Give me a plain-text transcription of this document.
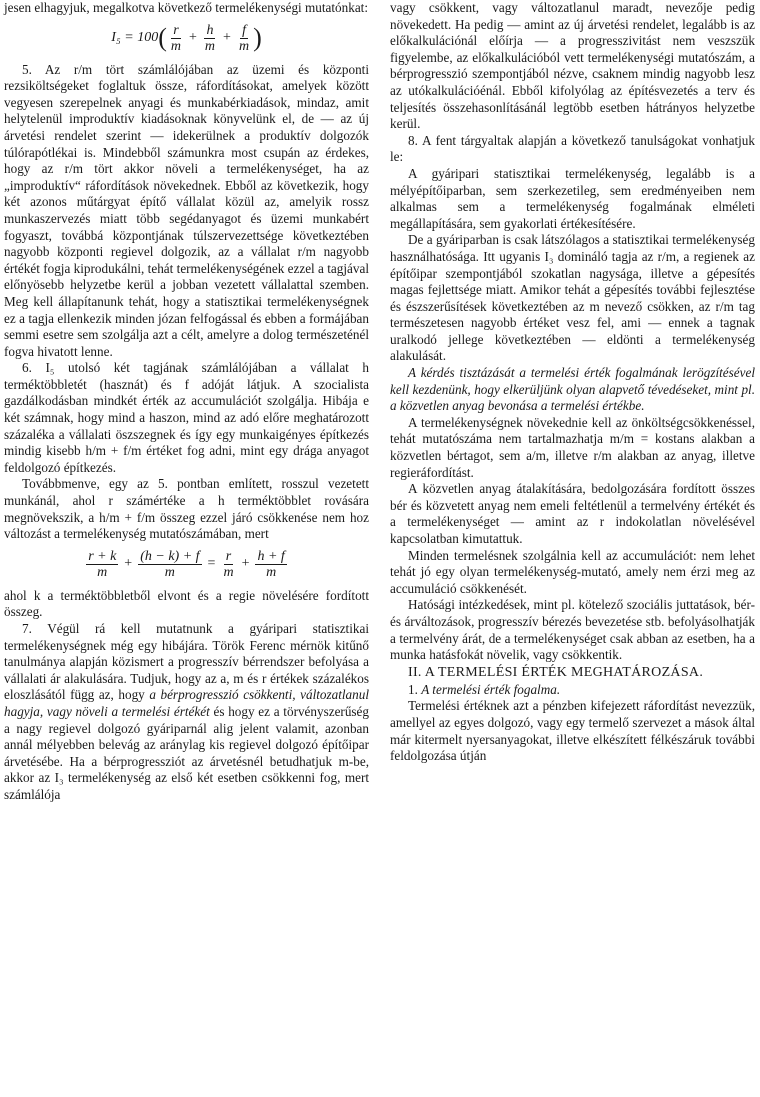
jesen elhagyjuk, megalkotva következő termelékenységi mutatónkat:

I₅ = 100 ( $\frac{r}{m} + \frac{h}{m} + \frac{f}{m}$ )

5. Az r/m tört számlálójában az üzemi és központi rezsiköltségeket foglaltuk össze, ráfordításokat, amelyek között vegyesen szerepelnek anyagi és munkabérkiadások, mindaz, amit helytelenül improduktív kiadásoknak könyvelünk el, de — az új árvetési rendelet szerint — idekerülnek a produktív dolgozók túlórapótlékai is. Mindebből számunkra most csupán az érdekes, hogy az r/m tört akkor növeli a termelékenységet, ha az „improduktív“ ráfordítások növekednek. Ebből az következik, hogy két azonos műtárgyat építő vállalat közül az, amelyik rossz munkaszervezés miatt több segédanyagot és üzemi munkabért fogyaszt, továbbá központjának túlszervezettsége következtében nagyobb központi regievel dolgozik, az a vállalat r/m nagyobb értékét fogja kiprodukálni, tehát termelékenységének ezzel a tagjával előnyösebb helyzetbe kerül a jobban vezetett vállalattal szemben. Meg kell állapítanunk tehát, hogy a statisztikai termelékenységnek ez a tagja ellenkezik minden józan felfogással és ebben a formájában semmi esetre sem szolgálja azt a célt, amelyre a dolog természeténél fogva hivatott lenne.

6. I₅ utolsó két tagjának számlálójában a vállalat h terméktöbbletét (hasznát) és f adóját látjuk. A szocialista gazdálkodásban mindkét érték az accumulációt szolgálja. Hibája e két számnak, hogy mind a haszon, mind az adó előre meghatározott százaléka a vállalati öszszegnek és így egy munkaigényes építkezés mindig kisebb h/m + f/m értéket fog adni, mint egy drága anyagot feldolgozó építkezés.

Továbbmenve, egy az 5. pontban említett, rosszul vezetett munkánál, ahol r számértéke a h terméktöbblet rovására megnövekszik, a h/m + f/m összeg ezzel járó csökkenése nem hoz változást a termelékenység mutatószámában, mert

$\frac{r + k}{m} + \frac{(h - k) + f}{m} = \frac{r}{m} + \frac{h + f}{m}$

ahol k a terméktöbbletből elvont és a regie növelésére fordított összeg.

7. Végül rá kell mutatnunk a gyáripari statisztikai termelékenységnek még egy hibájára. Török Ferenc mérnök kitűnő tanulmánya alapján közismert a progresszív bérrendszer befolyása a vállalati ár alakulására. Tudjuk, hogy az a, m és r értékek százalékos eloszlásától függ az, hogy a bérprogresszió csökkenti, változatlanul hagyja, vagy növeli a termelési értékét és hogy ez a törvényszerűség a nagy regievel dolgozó gyáriparnál alig jelent valamit, azonban annál mélyebben belevág az aránylag kis regievel dolgozó építőipar árvetésébe. Ha a bérprogressziót az árvetésnél betudhatjuk m-be, akkor az I₃ termelékenység az első két esetben csökkenni fog, mert számlálója

vagy csökkent, vagy változatlanul maradt, nevezője pedig növekedett. Ha pedig — amint az új árvetési rendelet, legalább is az előkalkulációnál előírja — a progresszivitást nem veszszük figyelembe, az előkalkulációból vett termelékenységi mutatószám, a bérprogresszió szempontjából nézve, csaknem mindig nagyobb lesz az utókalkulációénál. Ebből kifolyólag az építésvezetés a terv és teljesítés összehasonlításánál legtöbb esetben hátrányos helyzetbe kerül.

8. A fent tárgyaltak alapján a következő tanulságokat vonhatjuk le:

A gyáripari statisztikai termelékenység, legalább is a mélyépítőiparban, sem szerkezetileg, sem eredményeiben nem alkalmas sem a termelékenység fogalmának elméleti megállapítására, sem gyakorlati értékesítésére.

De a gyáriparban is csak látszólagos a statisztikai termelékenység használhatósága. Itt ugyanis I₃ domináló tagja az r/m, a regienek az építőipar szempontjából szokatlan nagysága, illetve a gépesítés magas fejlettsége miatt. Amikor tehát a gépesítés további fejlesztése és észszerűsítések következtében az m nevező csökken, az r/m tag természetesen nagyobb értéket vesz fel, ami — ennek a tagnak uralkodó jellege következtében — eldönti a termelékenység alakulását.

A kérdés tisztázását a termelési érték fogalmának lerögzítésével kell kezdenünk, hogy elkerüljünk olyan alapvető tévedéseket, mint pl. a közvetlen anyag bevonása a termelési értékbe.

A termelékenységnek növekednie kell az önköltségcsökkenéssel, tehát mutatószáma nem tartalmazhatja m/m = kostans alakban a közvetlen bértagot, sem a/m, illetve r/m alakban az anyag, illetve regieráfordítást.

A közvetlen anyag átalakítására, bedolgozására fordított összes bér és közvetett anyag nem emeli feltétlenül a termelvény értékét és a termelékenységet — amint az r indokolatlan növelésével kapcsolatban kimutattuk.

Minden termelésnek szolgálnia kell az accumulációt: nem lehet tehát jó egy olyan termelékenység-mutató, amely nem érzi meg az accumuláció csökkenését.

Hatósági intézkedések, mint pl. kötelező szociális juttatások, bér- és árváltozások, progresszív bérezés bevezetése stb. befolyásolhatják a termelvény árát, de a termelékenységet csak abban az esetben, ha a munka hatásfokát növelik, vagy csökkentik.

II. A TERMELÉSI ÉRTÉK MEGHATÁROZÁSA.

1. A termelési érték fogalma.

Termelési értéknek azt a pénzben kifejezett ráfordítást nevezzük, amellyel az egyes dolgozó, vagy egy termelő szervezet a mások által már kitermelt nyersanyagokat, illetve elkészített félkészáruk további feldolgozása útján
